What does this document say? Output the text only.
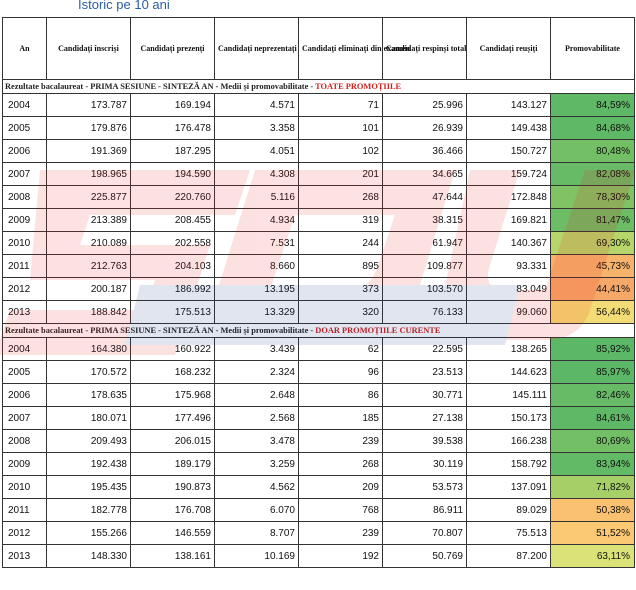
Istoric pe 10 ani
An	Candidați înscriși	Candidați prezenți	Candidați neprezentați	Candidați eliminați din examen	Candidați respinși total	Candidați reușiți	Promovabilitate
Rezultate bacalaureat - PRIMA SESIUNE - SINTEZĂ AN - Medii și promovabilitate - TOATE PROMOȚIILE							
2004	173.787	169.194	4.571	71	25.996	143.127	84,59%
2005	179.876	176.478	3.358	101	26.939	149.438	84,68%
2006	191.369	187.295	4.051	102	36.466	150.727	80,48%
2007	198.965	194.590	4.308	201	34.665	159.724	82,08%
2008	225.877	220.760	5.116	268	47.644	172.848	78,30%
2009	213.389	208.455	4.934	319	38.315	169.821	81,47%
2010	210.089	202.558	7.531	244	61.947	140.367	69,30%
2011	212.763	204.103	8.660	895	109.877	93.331	45,73%
2012	200.187	186.992	13.195	373	103.570	83.049	44,41%
2013	188.842	175.513	13.329	320	76.133	99.060	56,44%
Rezultate bacalaureat - PRIMA SESIUNE - SINTEZĂ AN - Medii și promovabilitate - DOAR PROMOȚIILE CURENTE							
2004	164.380	160.922	3.439	62	22.595	138.265	85,92%
2005	170.572	168.232	2.324	96	23.513	144.623	85,97%
2006	178.635	175.968	2.648	86	30.771	145.111	82,46%
2007	180.071	177.496	2.568	185	27.138	150.173	84,61%
2008	209.493	206.015	3.478	239	39.538	166.238	80,69%
2009	192.438	189.179	3.259	268	30.119	158.792	83,94%
2010	195.435	190.873	4.562	209	53.573	137.091	71,82%
2011	182.778	176.708	6.070	768	86.911	89.029	50,38%
2012	155.266	146.559	8.707	239	70.807	75.513	51,52%
2013	148.330	138.161	10.169	192	50.769	87.200	63,11%
